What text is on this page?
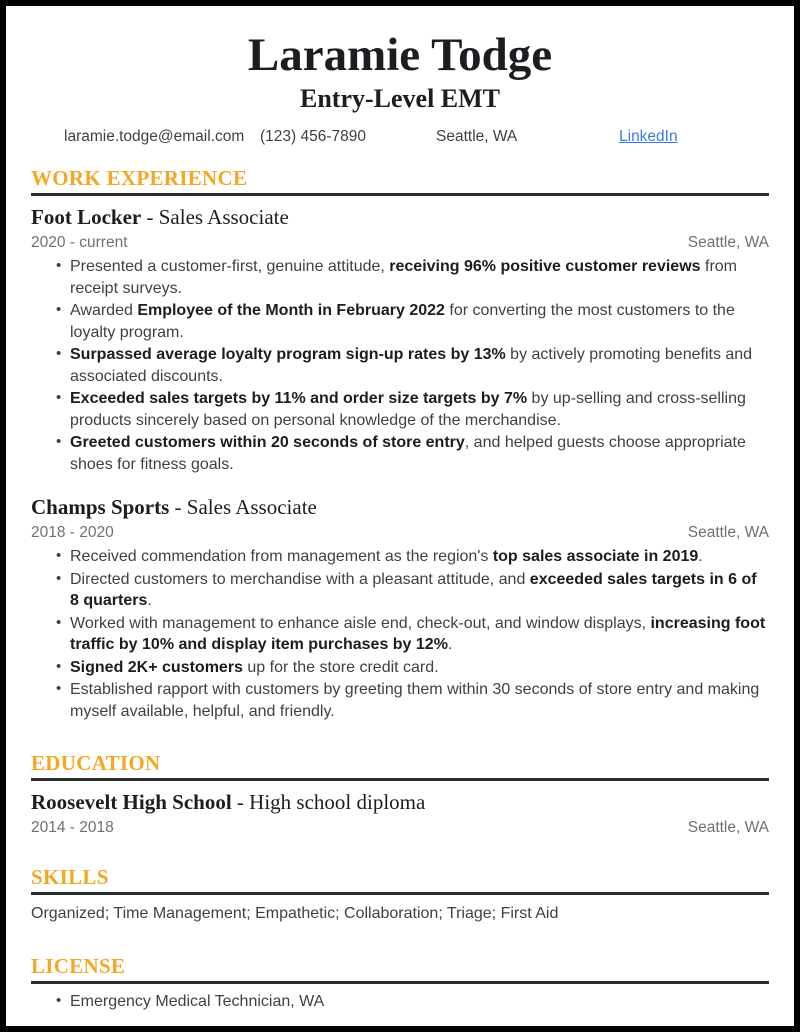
Laramie Todge
Entry-Level EMT
laramie.todge@email.com	(123) 456-7890	Seattle, WA	LinkedIn
WORK EXPERIENCE
Foot Locker - Sales Associate
2020 - current	Seattle, WA
• Presented a customer-first, genuine attitude, receiving 96% positive customer reviews from receipt surveys.
• Awarded Employee of the Month in February 2022 for converting the most customers to the loyalty program.
• Surpassed average loyalty program sign-up rates by 13% by actively promoting benefits and associated discounts.
• Exceeded sales targets by 11% and order size targets by 7% by up-selling and cross-selling products sincerely based on personal knowledge of the merchandise.
• Greeted customers within 20 seconds of store entry, and helped guests choose appropriate shoes for fitness goals.
Champs Sports - Sales Associate
2018 - 2020	Seattle, WA
• Received commendation from management as the region's top sales associate in 2019.
• Directed customers to merchandise with a pleasant attitude, and exceeded sales targets in 6 of 8 quarters.
• Worked with management to enhance aisle end, check-out, and window displays, increasing foot traffic by 10% and display item purchases by 12%.
• Signed 2K+ customers up for the store credit card.
• Established rapport with customers by greeting them within 30 seconds of store entry and making myself available, helpful, and friendly.
EDUCATION
Roosevelt High School - High school diploma
2014 - 2018	Seattle, WA
SKILLS
Organized; Time Management; Empathetic; Collaboration; Triage; First Aid
LICENSE
• Emergency Medical Technician, WA
